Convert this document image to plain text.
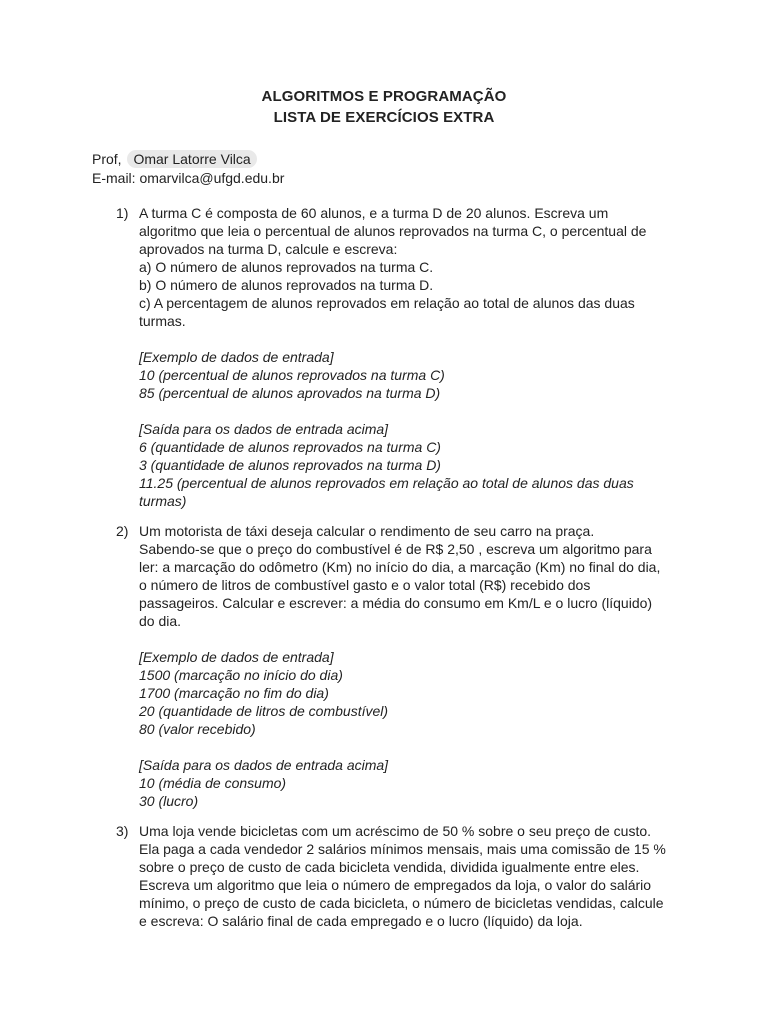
ALGORITMOS E PROGRAMAÇÃO
LISTA DE EXERCÍCIOS EXTRA
Prof, Omar Latorre Vilca
E-mail: omarvilca@ufgd.edu.br
1) A turma C é composta de 60 alunos, e a turma D de 20 alunos. Escreva um

algoritmo que leia o percentual de alunos reprovados na turma C, o percentual de

aprovados na turma D, calcule e escreva:

a) O número de alunos reprovados na turma C.

b) O número de alunos reprovados na turma D.

c) A percentagem de alunos reprovados em relação ao total de alunos das duas

turmas.

[Exemplo de dados de entrada]

10 (percentual de alunos reprovados na turma C)

85 (percentual de alunos aprovados na turma D)

[Saída para os dados de entrada acima]

6 (quantidade de alunos reprovados na turma C)

3 (quantidade de alunos reprovados na turma D)

11.25 (percentual de alunos reprovados em relação ao total de alunos das duas

turmas)

2) Um motorista de táxi deseja calcular o rendimento de seu carro na praça.

Sabendo-se que o preço do combustível é de R$ 2,50 , escreva um algoritmo para

ler: a marcação do odômetro (Km) no início do dia, a marcação (Km) no final do dia,

o número de litros de combustível gasto e o valor total (R$) recebido dos

passageiros. Calcular e escrever: a média do consumo em Km/L e o lucro (líquido)

do dia.

[Exemplo de dados de entrada]

1500 (marcação no início do dia)

1700 (marcação no fim do dia)

20 (quantidade de litros de combustível)

80 (valor recebido)

[Saída para os dados de entrada acima]

10 (média de consumo)

30 (lucro)

3) Uma loja vende bicicletas com um acréscimo de 50 % sobre o seu preço de custo.

Ela paga a cada vendedor 2 salários mínimos mensais, mais uma comissão de 15 %

sobre o preço de custo de cada bicicleta vendida, dividida igualmente entre eles.

Escreva um algoritmo que leia o número de empregados da loja, o valor do salário

mínimo, o preço de custo de cada bicicleta, o número de bicicletas vendidas, calcule

e escreva: O salário final de cada empregado e o lucro (líquido) da loja.
